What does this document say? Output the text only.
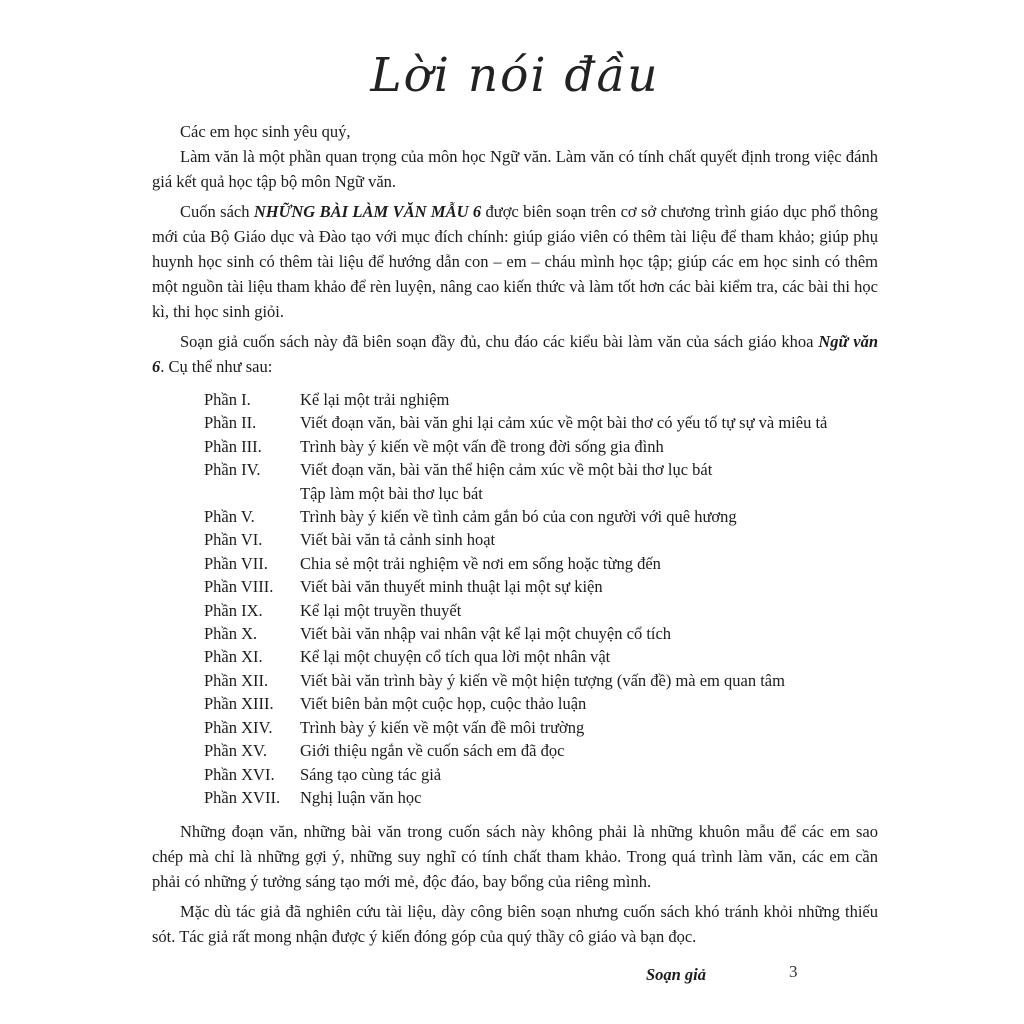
Lời nói đầu

Các em học sinh yêu quý,

Làm văn là một phần quan trọng của môn học Ngữ văn. Làm văn có tính chất quyết định trong việc đánh giá kết quả học tập bộ môn Ngữ văn.

Cuốn sách NHỮNG BÀI LÀM VĂN MẪU 6 được biên soạn trên cơ sở chương trình giáo dục phổ thông mới của Bộ Giáo dục và Đào tạo với mục đích chính: giúp giáo viên có thêm tài liệu để tham khảo; giúp phụ huynh học sinh có thêm tài liệu để hướng dẫn con – em – cháu mình học tập; giúp các em học sinh có thêm một nguồn tài liệu tham khảo để rèn luyện, nâng cao kiến thức và làm tốt hơn các bài kiểm tra, các bài thi học kì, thi học sinh giỏi.

Soạn giả cuốn sách này đã biên soạn đầy đủ, chu đáo các kiểu bài làm văn của sách giáo khoa Ngữ văn 6. Cụ thể như sau:

Phần I.	Kể lại một trải nghiệm
Phần II.	Viết đoạn văn, bài văn ghi lại cảm xúc về một bài thơ có yếu tố tự sự và miêu tả
Phần III.	Trình bày ý kiến về một vấn đề trong đời sống gia đình
Phần IV.	Viết đoạn văn, bài văn thể hiện cảm xúc về một bài thơ lục bát
Tập làm một bài thơ lục bát
Phần V.	Trình bày ý kiến về tình cảm gắn bó của con người với quê hương
Phần VI.	Viết bài văn tả cảnh sinh hoạt
Phần VII.	Chia sẻ một trải nghiệm về nơi em sống hoặc từng đến
Phần VIII.	Viết bài văn thuyết minh thuật lại một sự kiện
Phần IX.	Kể lại một truyền thuyết
Phần X.	Viết bài văn nhập vai nhân vật kể lại một chuyện cổ tích
Phần XI.	Kể lại một chuyện cổ tích qua lời một nhân vật
Phần XII.	Viết bài văn trình bày ý kiến về một hiện tượng (vấn đề) mà em quan tâm
Phần XIII.	Viết biên bản một cuộc họp, cuộc thảo luận
Phần XIV.	Trình bày ý kiến về một vấn đề môi trường
Phần XV.	Giới thiệu ngắn về cuốn sách em đã đọc
Phần XVI.	Sáng tạo cùng tác giả
Phần XVII.	Nghị luận văn học

Những đoạn văn, những bài văn trong cuốn sách này không phải là những khuôn mẫu để các em sao chép mà chỉ là những gợi ý, những suy nghĩ có tính chất tham khảo. Trong quá trình làm văn, các em cần phải có những ý tưởng sáng tạo mới mẻ, độc đáo, bay bổng của riêng mình.

Mặc dù tác giả đã nghiên cứu tài liệu, dày công biên soạn nhưng cuốn sách khó tránh khỏi những thiếu sót. Tác giả rất mong nhận được ý kiến đóng góp của quý thầy cô giáo và bạn đọc.

Soạn giả	3
